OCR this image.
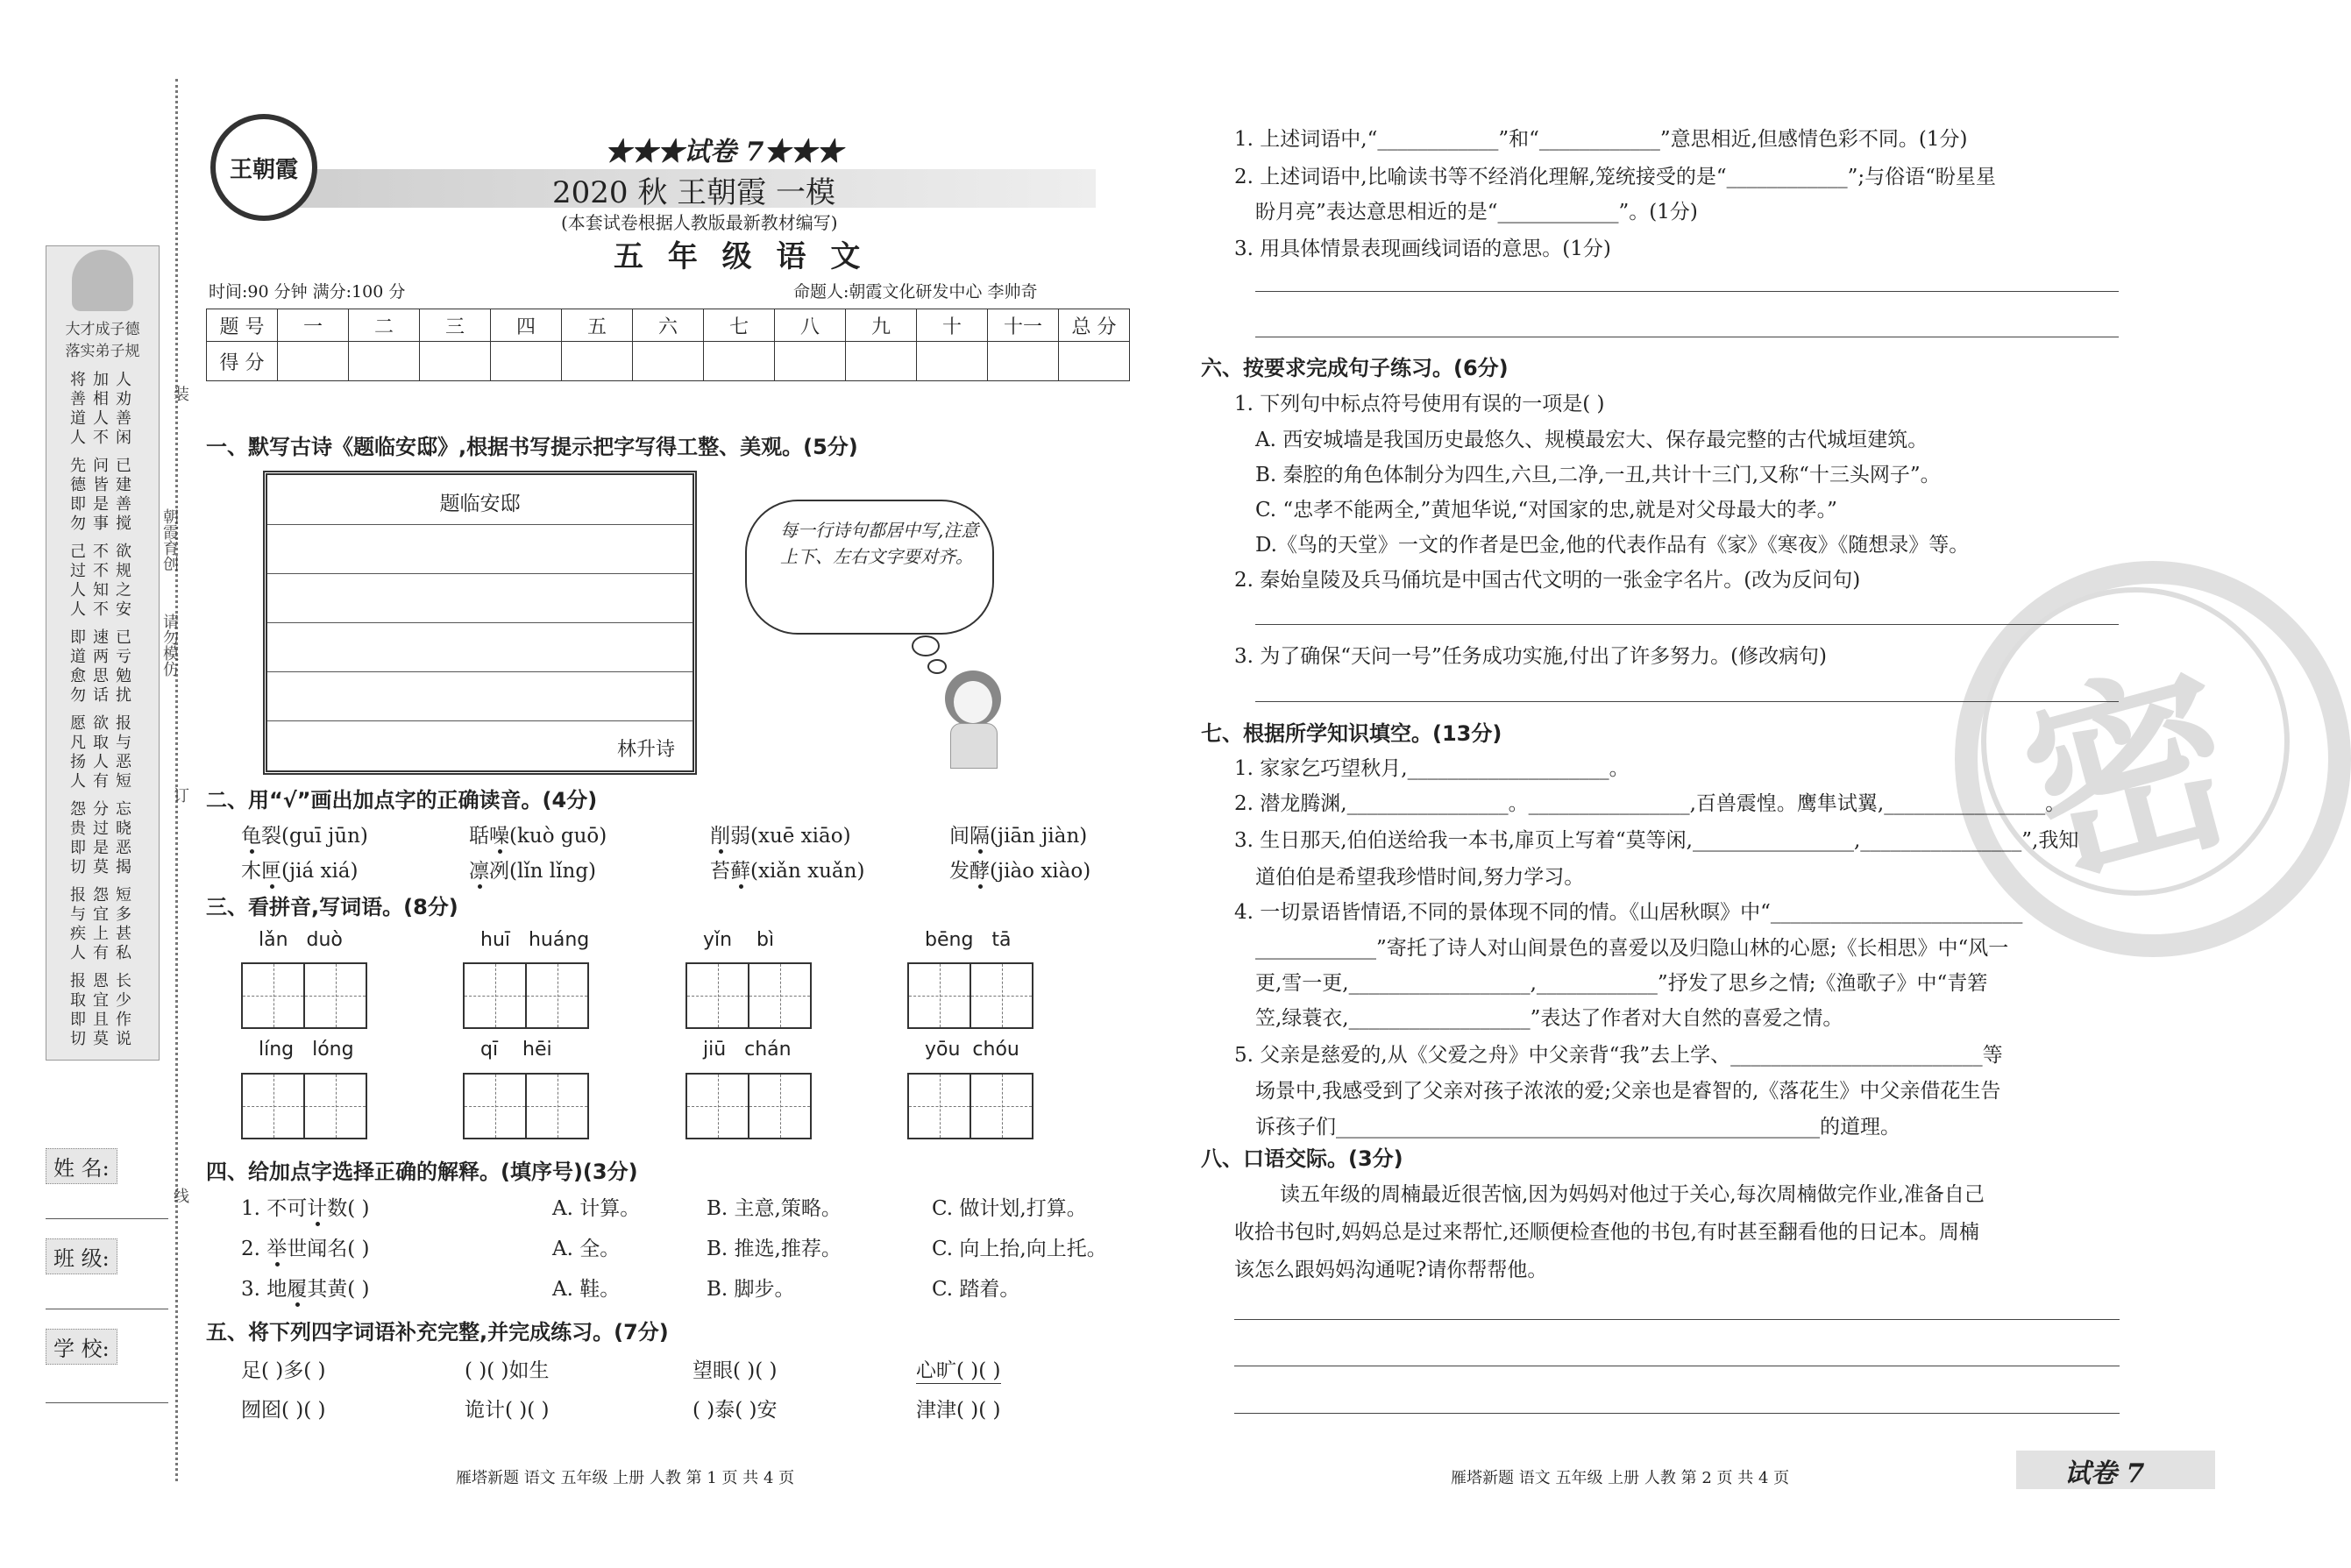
大才成子德
落实弟子规
将善道人
加相人不
人劝善闲
先德即勿
问皆是事
已建善搅
己过人人
不不知不
欲规之安
即道愈勿
速两思话
已亏勉扰
愿凡扬人
欲取人有
报与恶短
怨贵即切
分过是莫
忘晓恶揭
报与疾人
怨宜上有
短多甚私
报取即切
恩宜且莫
长少作说
装
朝霞育创
请勿模仿
订
线
姓 名:
班 级:
学 校:
王朝霞
★★★试卷 7★★★
2020 秋 王朝霞 一模
(本套试卷根据人教版最新教材编写)
五 年 级 语 文
时间:90 分钟 满分:100 分	命题人:朝霞文化研发中心 李帅奇
题 号	一	二	三	四	五	六	七	八	九	十	十一	总 分
得 分												
一、默写古诗《题临安邸》,根据书写提示把字写得工整、美观。(5分)
题临安邸
林升诗
每一行诗句都居中写,注意上下、左右文字要对齐。
二、用“√”画出加点字的正确读音。(4分)
龟裂(guī jūn)	聒噪(kuò guō)	削弱(xuē xiāo)	间隔(jiān jiàn)
木匣(jiá xiá)	凛冽(lǐn lǐng)	苔藓(xiǎn xuǎn)	发酵(jiào xiào)
三、看拼音,写词语。(8分)
lǎn   duò	huī   huáng	yǐn    bì	bēng   tā
líng   lóng	qī    hēi	jiū   chán	yōu  chóu
四、给加点字选择正确的解释。(填序号)(3分)
1. 不可计数( )	A. 计算。	B. 主意,策略。	C. 做计划,打算。
2. 举世闻名( )	A. 全。	B. 推选,推荐。	C. 向上抬,向上托。
3. 地履其黄( )	A. 鞋。	B. 脚步。	C. 踏着。
五、将下列四字词语补充完整,并完成练习。(7分)
足( )多( )	( )( )如生	望眼( )( )	心旷( )( )
囫囵( )( )	诡计( )( )	( )泰( )安	津津( )( )
密
1. 上述词语中,“____________”和“____________”意思相近,但感情色彩不同。(1分)
2. 上述词语中,比喻读书等不经消化理解,笼统接受的是“____________”;与俗语“盼星星
盼月亮”表达意思相近的是“____________”。(1分)
3. 用具体情景表现画线词语的意思。(1分)
六、按要求完成句子练习。(6分)
1. 下列句中标点符号使用有误的一项是( )
A. 西安城墙是我国历史最悠久、规模最宏大、保存最完整的古代城垣建筑。
B. 秦腔的角色体制分为四生,六旦,二净,一丑,共计十三门,又称“十三头网子”。
C. “忠孝不能两全,”黄旭华说,“对国家的忠,就是对父母最大的孝。”
D.《鸟的天堂》一文的作者是巴金,他的代表作品有《家》《寒夜》《随想录》等。
2. 秦始皇陵及兵马俑坑是中国古代文明的一张金字名片。(改为反问句)
3. 为了确保“天问一号”任务成功实施,付出了许多努力。(修改病句)
七、根据所学知识填空。(13分)
1. 家家乞巧望秋月,____________________。
2. 潜龙腾渊,________________。________________,百兽震惶。鹰隼试翼,________________。
3. 生日那天,伯伯送给我一本书,扉页上写着“莫等闲,________________,________________”,我知
道伯伯是希望我珍惜时间,努力学习。
4. 一切景语皆情语,不同的景体现不同的情。《山居秋暝》中“_________________________
____________”寄托了诗人对山间景色的喜爱以及归隐山林的心愿;《长相思》中“风一
更,雪一更,__________________,____________”抒发了思乡之情;《渔歌子》中“青箬
笠,绿蓑衣,__________________”表达了作者对大自然的喜爱之情。
5. 父亲是慈爱的,从《父爱之舟》中父亲背“我”去上学、_________________________等
场景中,我感受到了父亲对孩子浓浓的爱;父亲也是睿智的,《落花生》中父亲借花生告
诉孩子们________________________________________________的道理。
八、口语交际。(3分)
读五年级的周楠最近很苦恼,因为妈妈对他过于关心,每次周楠做完作业,准备自己
收拾书包时,妈妈总是过来帮忙,还顺便检查他的书包,有时甚至翻看他的日记本。周楠
该怎么跟妈妈沟通呢?请你帮帮他。
雁塔新题 语文 五年级 上册 人教 第 1 页 共 4 页	雁塔新题 语文 五年级 上册 人教 第 2 页 共 4 页	试卷 7
